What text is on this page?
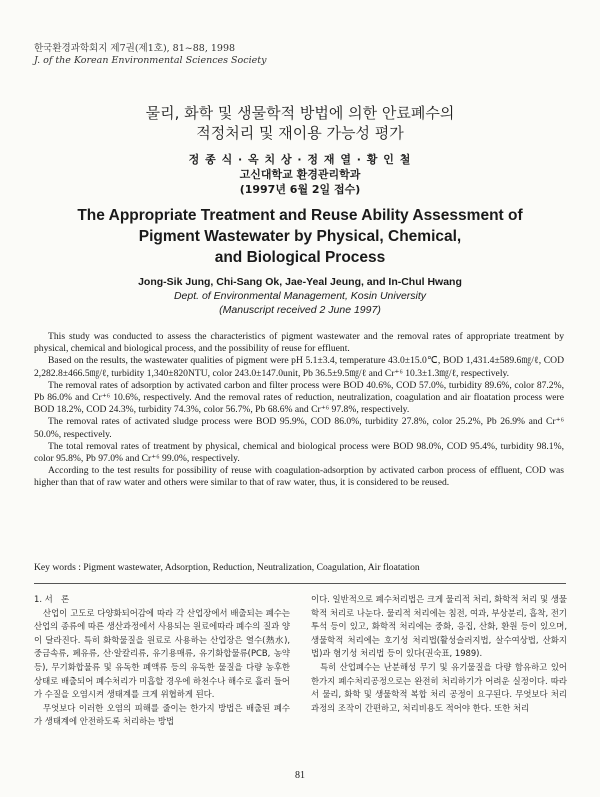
한국환경과학회지 제7권(제1호), 81~88, 1998
J. of the Korean Environmental Sciences Society
물리, 화학 및 생물학적 방법에 의한 안료폐수의
적정처리 및 재이용 가능성 평가
정 종 식 · 옥 치 상 · 정 재 열 · 황 인 철
고신대학교 환경관리학과
(1997년 6월 2일 접수)
The Appropriate Treatment and Reuse Ability Assessment of
Pigment Wastewater by Physical, Chemical,
and Biological Process
Jong-Sik Jung, Chi-Sang Ok, Jae-Yeal Jeung, and In-Chul Hwang
Dept. of Environmental Management, Kosin University
(Manuscript received 2 June 1997)

This study was conducted to assess the characteristics of pigment wastewater and the removal rates of appropriate treatment by physical, chemical and biological process, and the possibility of reuse for effluent.

Based on the results, the wastewater qualities of pigment were pH 5.1±3.4, temperature 43.0±15.0℃, BOD 1,431.4±589.6㎎/ℓ, COD 2,282.8±466.5㎎/ℓ, turbidity 1,340±820NTU, color 243.0±147.0unit, Pb 36.5±9.5㎎/ℓ and Cr⁺⁶ 10.3±1.3㎎/ℓ, respectively.

The removal rates of adsorption by activated carbon and filter process were BOD 40.6%, COD 57.0%, turbidity 89.6%, color 87.2%, Pb 86.0% and Cr⁺⁶ 10.6%, respectively. And the removal rates of reduction, neutralization, coagulation and air floatation process were BOD 18.2%, COD 24.3%, turbidity 74.3%, color 56.7%, Pb 68.6% and Cr⁺⁶ 97.8%, respectively.

The removal rates of activated sludge process were BOD 95.9%, COD 86.0%, turbidity 27.8%, color 25.2%, Pb 26.9% and Cr⁺⁶ 50.0%, respectively.

The total removal rates of treatment by physical, chemical and biological process were BOD 98.0%, COD 95.4%, turbidity 98.1%, color 95.8%, Pb 97.0% and Cr⁺⁶ 99.0%, respectively.

According to the test results for possibility of reuse with coagulation-adsorption by activated carbon process of effluent, COD was higher than that of raw water and others were similar to that of raw water, thus, it is considered to be reused.

Key words : Pigment wastewater, Adsorption, Reduction, Neutralization, Coagulation, Air floatation

1. 서　론

산업이 고도로 다양화되어감에 따라 각 산업장에서 배출되는 폐수는 산업의 종류에 따른 생산과정에서 사용되는 원료에따라 폐수의 질과 양이 달라진다. 특히 화학물질을 원료로 사용하는 산업장은 열수(熱水), 중금속류, 페유류, 산·알칼리류, 유기용매류, 유기화합물류(PCB, 농약 등), 무기화합물류 및 유독한 폐액류 등의 유독한 물질을 다량 농후한 상태로 배출되어 폐수처리가 미흡할 경우에 하천수나 해수로 흘러 들어가 수질을 오염시켜 생태계를 크게 위협하게 된다.

무엇보다 이러한 오염의 피해를 줄이는 한가지 방법은 배출된 폐수가 생태계에 안전하도록 처리하는 방법

이다. 일반적으로 폐수처리법은 크게 물리적 처리, 화학적 처리 및 생물학적 처리로 나눈다. 물리적 처리에는 침전, 여과, 부상분리, 흡착, 전기투석 등이 있고, 화학적 처리에는 중화, 응집, 산화, 환원 등이 있으며, 생물학적 처리에는 호기성 처리법(활성슬러지법, 살수여상법, 산화지법)과 혐기성 처리법 등이 있다(권숙표, 1989).

특히 산업폐수는 난분해성 무기 및 유기물질을 다량 함유하고 있어 한가지 폐수처리공정으로는 완전히 처리하기가 어려운 실정이다. 따라서 물리, 화학 및 생물학적 복합 처리 공정이 요구된다. 무엇보다 처리과정의 조작이 간편하고, 처리비용도 적어야 한다. 또한 처리

81
